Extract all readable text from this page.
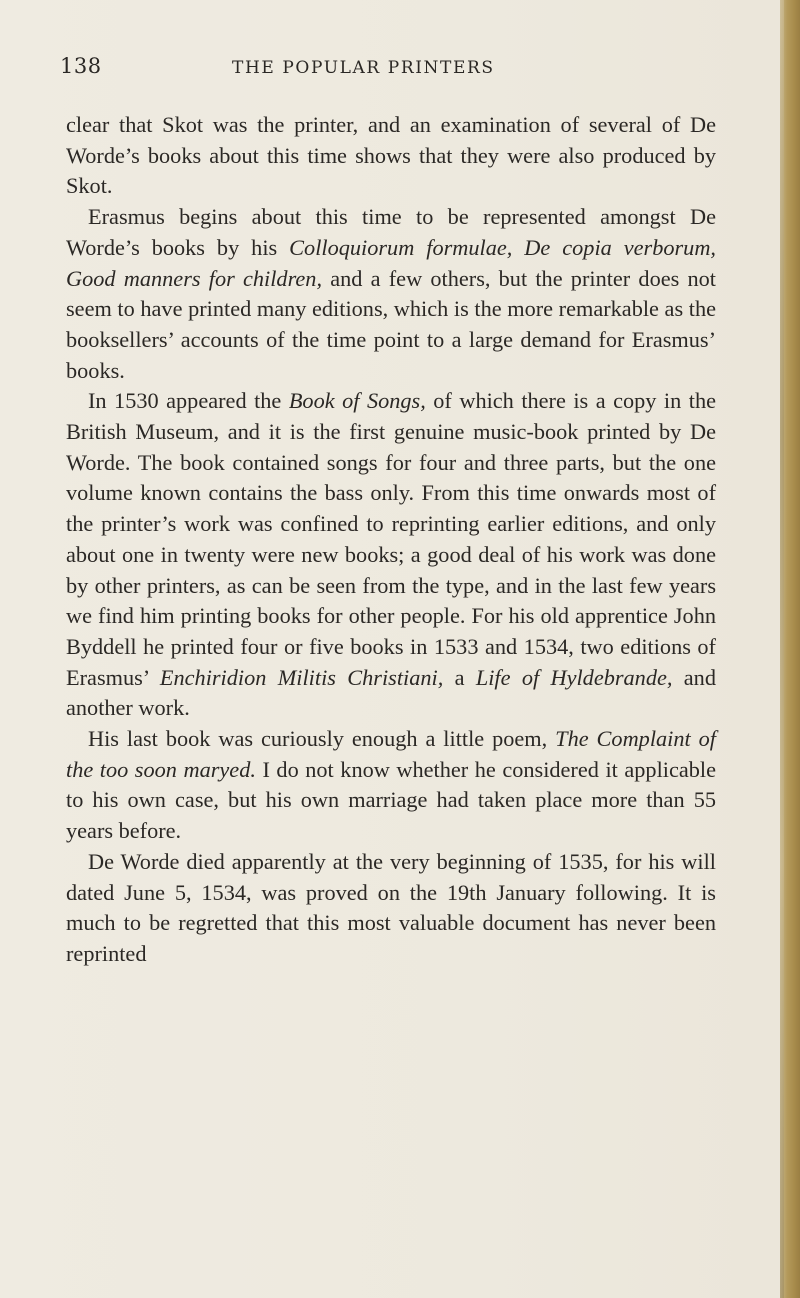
138	THE POPULAR PRINTERS

clear that Skot was the printer, and an examination of several of De Worde’s books about this time shows that they were also produced by Skot.

Erasmus begins about this time to be represented amongst De Worde’s books by his Colloquiorum formulae, De copia verborum, Good manners for children, and a few others, but the printer does not seem to have printed many editions, which is the more remarkable as the booksellers’ accounts of the time point to a large demand for Erasmus’ books.

In 1530 appeared the Book of Songs, of which there is a copy in the British Museum, and it is the first genuine music-book printed by De Worde. The book contained songs for four and three parts, but the one volume known contains the bass only. From this time onwards most of the printer’s work was confined to reprinting earlier editions, and only about one in twenty were new books; a good deal of his work was done by other printers, as can be seen from the type, and in the last few years we find him printing books for other people. For his old apprentice John Byddell he printed four or five books in 1533 and 1534, two editions of Erasmus’ Enchiridion Militis Christiani, a Life of Hyldebrande, and another work.

His last book was curiously enough a little poem, The Complaint of the too soon maryed. I do not know whether he considered it applicable to his own case, but his own marriage had taken place more than 55 years before.

De Worde died apparently at the very beginning of 1535, for his will dated June 5, 1534, was proved on the 19th January following. It is much to be regretted that this most valuable document has never been reprinted
